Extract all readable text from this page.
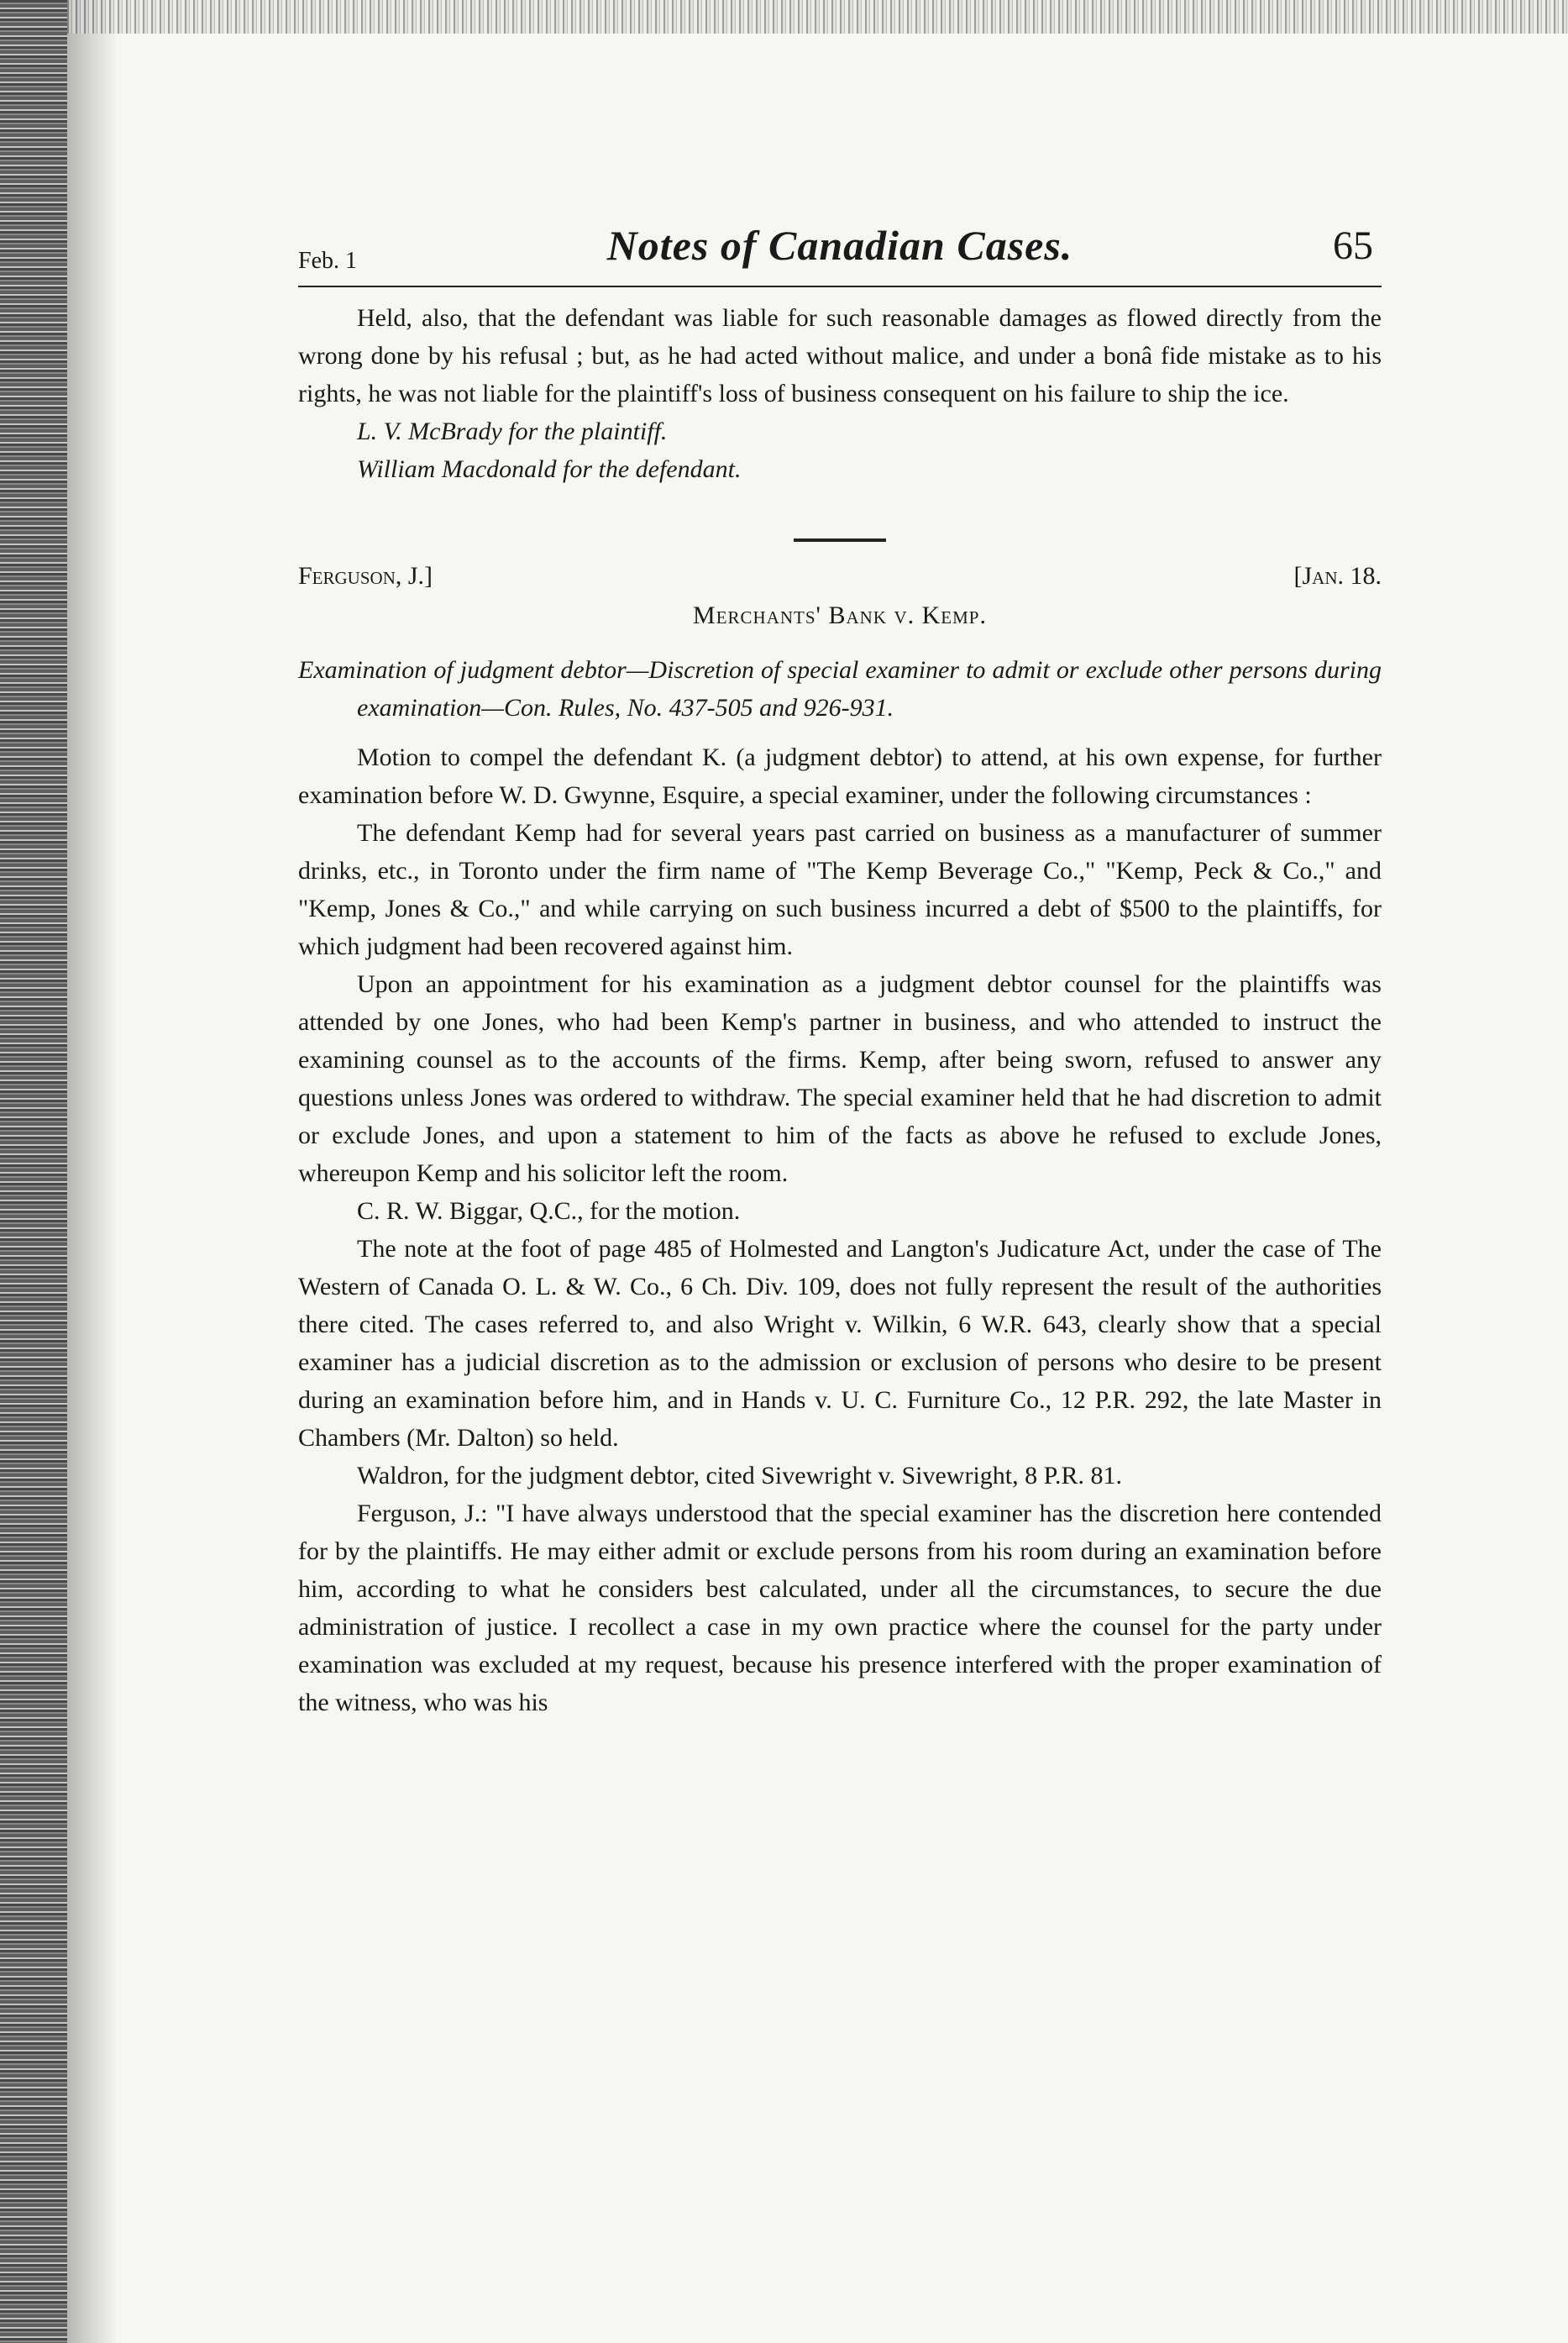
Feb. 1	Notes of Canadian Cases.	65

Held, also, that the defendant was liable for such reasonable damages as flowed directly from the wrong done by his refusal ; but, as he had acted without malice, and under a bonâ fide mistake as to his rights, he was not liable for the plaintiff's loss of business consequent on his failure to ship the ice.

L. V. McBrady for the plaintiff.

William Macdonald for the defendant.

Ferguson, J.]	[Jan. 18.
Merchants' Bank v. Kemp.

Examination of judgment debtor—Discretion of special examiner to admit or exclude other persons during examination—Con. Rules, No. 437-505 and 926-931.

Motion to compel the defendant K. (a judgment debtor) to attend, at his own expense, for further examination before W. D. Gwynne, Esquire, a special examiner, under the following circumstances :

The defendant Kemp had for several years past carried on business as a manufacturer of summer drinks, etc., in Toronto under the firm name of "The Kemp Beverage Co.," "Kemp, Peck & Co.," and "Kemp, Jones & Co.," and while carrying on such business incurred a debt of $500 to the plaintiffs, for which judgment had been recovered against him.

Upon an appointment for his examination as a judgment debtor counsel for the plaintiffs was attended by one Jones, who had been Kemp's partner in business, and who attended to instruct the examining counsel as to the accounts of the firms. Kemp, after being sworn, refused to answer any questions unless Jones was ordered to withdraw. The special examiner held that he had discretion to admit or exclude Jones, and upon a statement to him of the facts as above he refused to exclude Jones, whereupon Kemp and his solicitor left the room.

C. R. W. Biggar, Q.C., for the motion.

The note at the foot of page 485 of Holmested and Langton's Judicature Act, under the case of The Western of Canada O. L. & W. Co., 6 Ch. Div. 109, does not fully represent the result of the authorities there cited. The cases referred to, and also Wright v. Wilkin, 6 W.R. 643, clearly show that a special examiner has a judicial discretion as to the admission or exclusion of persons who desire to be present during an examination before him, and in Hands v. U. C. Furniture Co., 12 P.R. 292, the late Master in Chambers (Mr. Dalton) so held.

Waldron, for the judgment debtor, cited Sivewright v. Sivewright, 8 P.R. 81.

Ferguson, J.: "I have always understood that the special examiner has the discretion here contended for by the plaintiffs. He may either admit or exclude persons from his room during an examination before him, according to what he considers best calculated, under all the circumstances, to secure the due administration of justice. I recollect a case in my own practice where the counsel for the party under examination was excluded at my request, because his presence interfered with the proper examination of the witness, who was his
